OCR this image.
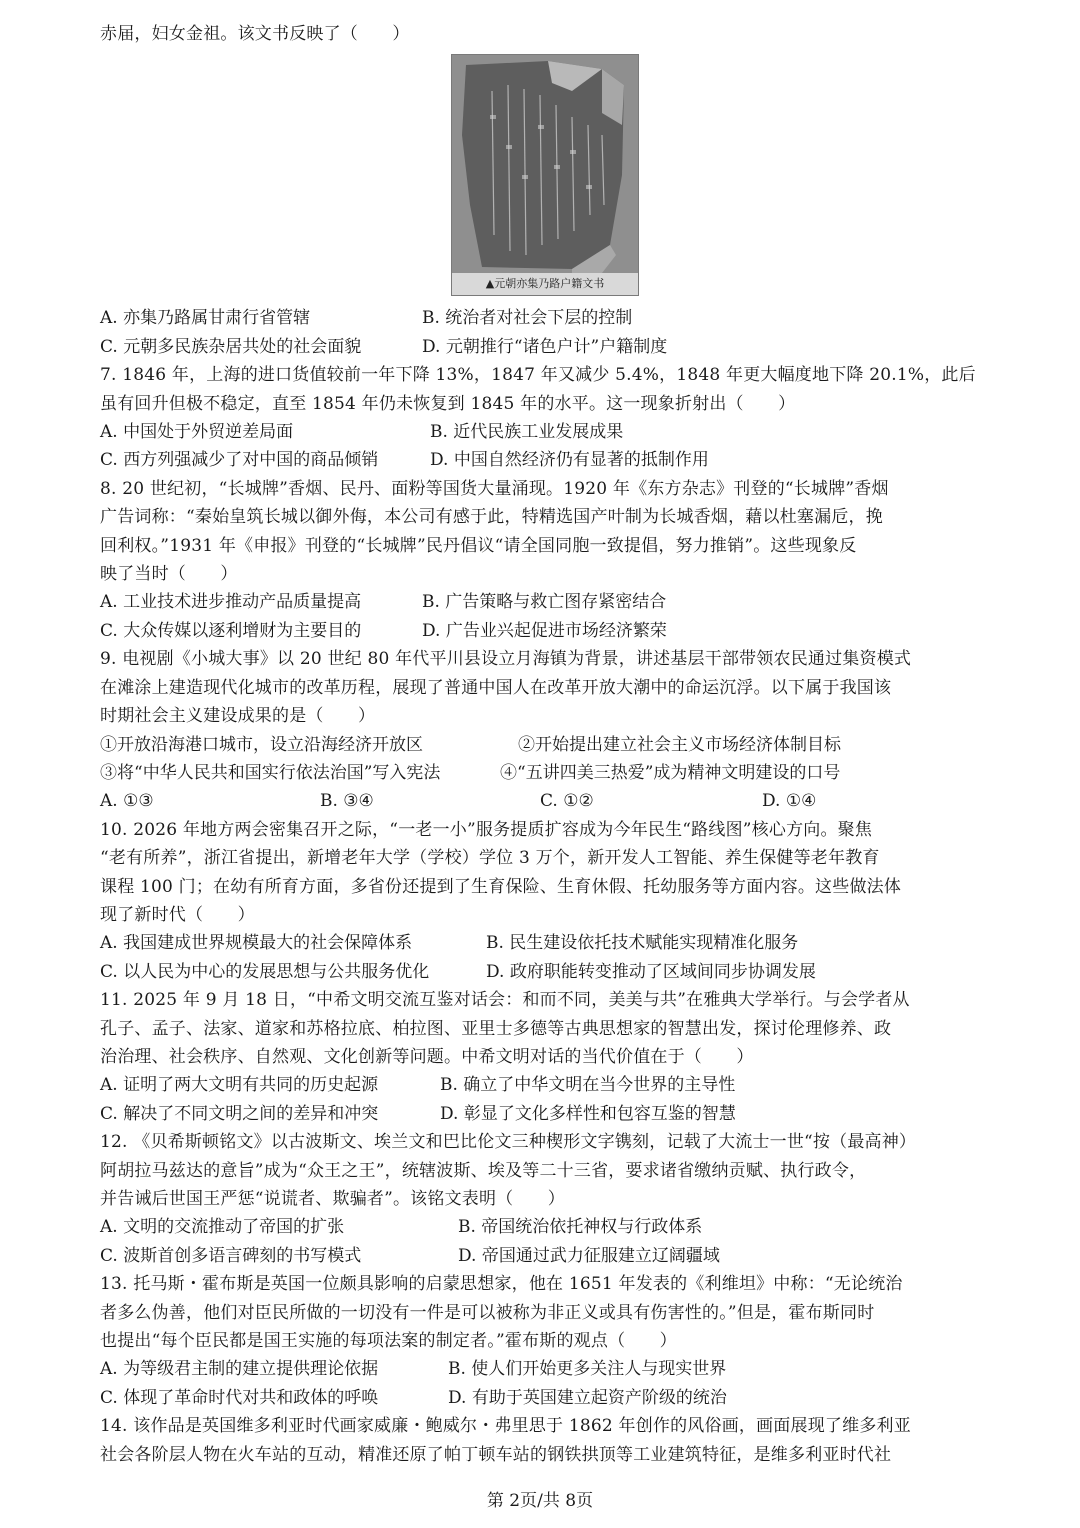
赤届，妇女金祖。该文书反映了（　　）
▲元朝亦集乃路户籍文书
A. 亦集乃路属甘肃行省管辖	B. 统治者对社会下层的控制
C. 元朝多民族杂居共处的社会面貌	D. 元朝推行“诸色户计”户籍制度
7. 1846 年，上海的进口货值较前一年下降 13%，1847 年又减少 5.4%，1848 年更大幅度地下降 20.1%，此后
虽有回升但极不稳定，直至 1854 年仍未恢复到 1845 年的水平。这一现象折射出（　　）
A. 中国处于外贸逆差局面	B. 近代民族工业发展成果
C. 西方列强减少了对中国的商品倾销	D. 中国自然经济仍有显著的抵制作用
8. 20 世纪初，“长城牌”香烟、民丹、面粉等国货大量涌现。1920 年《东方杂志》刊登的“长城牌”香烟
广告词称：“秦始皇筑长城以御外侮，本公司有感于此，特精选国产叶制为长城香烟，藉以杜塞漏卮，挽
回利权。”1931 年《申报》刊登的“长城牌”民丹倡议“请全国同胞一致提倡，努力推销”。这些现象反
映了当时（　　）
A. 工业技术进步推动产品质量提高	B. 广告策略与救亡图存紧密结合
C. 大众传媒以逐利增财为主要目的	D. 广告业兴起促进市场经济繁荣
9. 电视剧《小城大事》以 20 世纪 80 年代平川县设立月海镇为背景，讲述基层干部带领农民通过集资模式
在滩涂上建造现代化城市的改革历程，展现了普通中国人在改革开放大潮中的命运沉浮。以下属于我国该
时期社会主义建设成果的是（　　）
①开放沿海港口城市，设立沿海经济开放区	②开始提出建立社会主义市场经济体制目标
③将“中华人民共和国实行依法治国”写入宪法	④“五讲四美三热爱”成为精神文明建设的口号
A. ①③	B. ③④	C. ①②	D. ①④
10. 2026 年地方两会密集召开之际，“一老一小”服务提质扩容成为今年民生“路线图”核心方向。聚焦
“老有所养”，浙江省提出，新增老年大学（学校）学位 3 万个，新开发人工智能、养生保健等老年教育
课程 100 门；在幼有所育方面，多省份还提到了生育保险、生育休假、托幼服务等方面内容。这些做法体
现了新时代（　　）
A. 我国建成世界规模最大的社会保障体系	B. 民生建设依托技术赋能实现精准化服务
C. 以人民为中心的发展思想与公共服务优化	D. 政府职能转变推动了区域间同步协调发展
11. 2025 年 9 月 18 日，“中希文明交流互鉴对话会：和而不同，美美与共”在雅典大学举行。与会学者从
孔子、孟子、法家、道家和苏格拉底、柏拉图、亚里士多德等古典思想家的智慧出发，探讨伦理修养、政
治治理、社会秩序、自然观、文化创新等问题。中希文明对话的当代价值在于（　　）
A. 证明了两大文明有共同的历史起源	B. 确立了中华文明在当今世界的主导性
C. 解决了不同文明之间的差异和冲突	D. 彰显了文化多样性和包容互鉴的智慧
12. 《贝希斯顿铭文》以古波斯文、埃兰文和巴比伦文三种楔形文字镌刻，记载了大流士一世“按（最高神）
阿胡拉马兹达的意旨”成为“众王之王”，统辖波斯、埃及等二十三省，要求诸省缴纳贡赋、执行政令，
并告诫后世国王严惩“说谎者、欺骗者”。该铭文表明（　　）
A. 文明的交流推动了帝国的扩张	B. 帝国统治依托神权与行政体系
C. 波斯首创多语言碑刻的书写模式	D. 帝国通过武力征服建立辽阔疆域
13. 托马斯・霍布斯是英国一位颇具影响的启蒙思想家，他在 1651 年发表的《利维坦》中称：“无论统治
者多么伪善，他们对臣民所做的一切没有一件是可以被称为非正义或具有伤害性的。”但是，霍布斯同时
也提出“每个臣民都是国王实施的每项法案的制定者。”霍布斯的观点（　　）
A. 为等级君主制的建立提供理论依据	B. 使人们开始更多关注人与现实世界
C. 体现了革命时代对共和政体的呼唤	D. 有助于英国建立起资产阶级的统治
14. 该作品是英国维多利亚时代画家威廉・鲍威尔・弗里思于 1862 年创作的风俗画，画面展现了维多利亚
社会各阶层人物在火车站的互动，精准还原了帕丁顿车站的钢铁拱顶等工业建筑特征，是维多利亚时代社
第 2页/共 8页
